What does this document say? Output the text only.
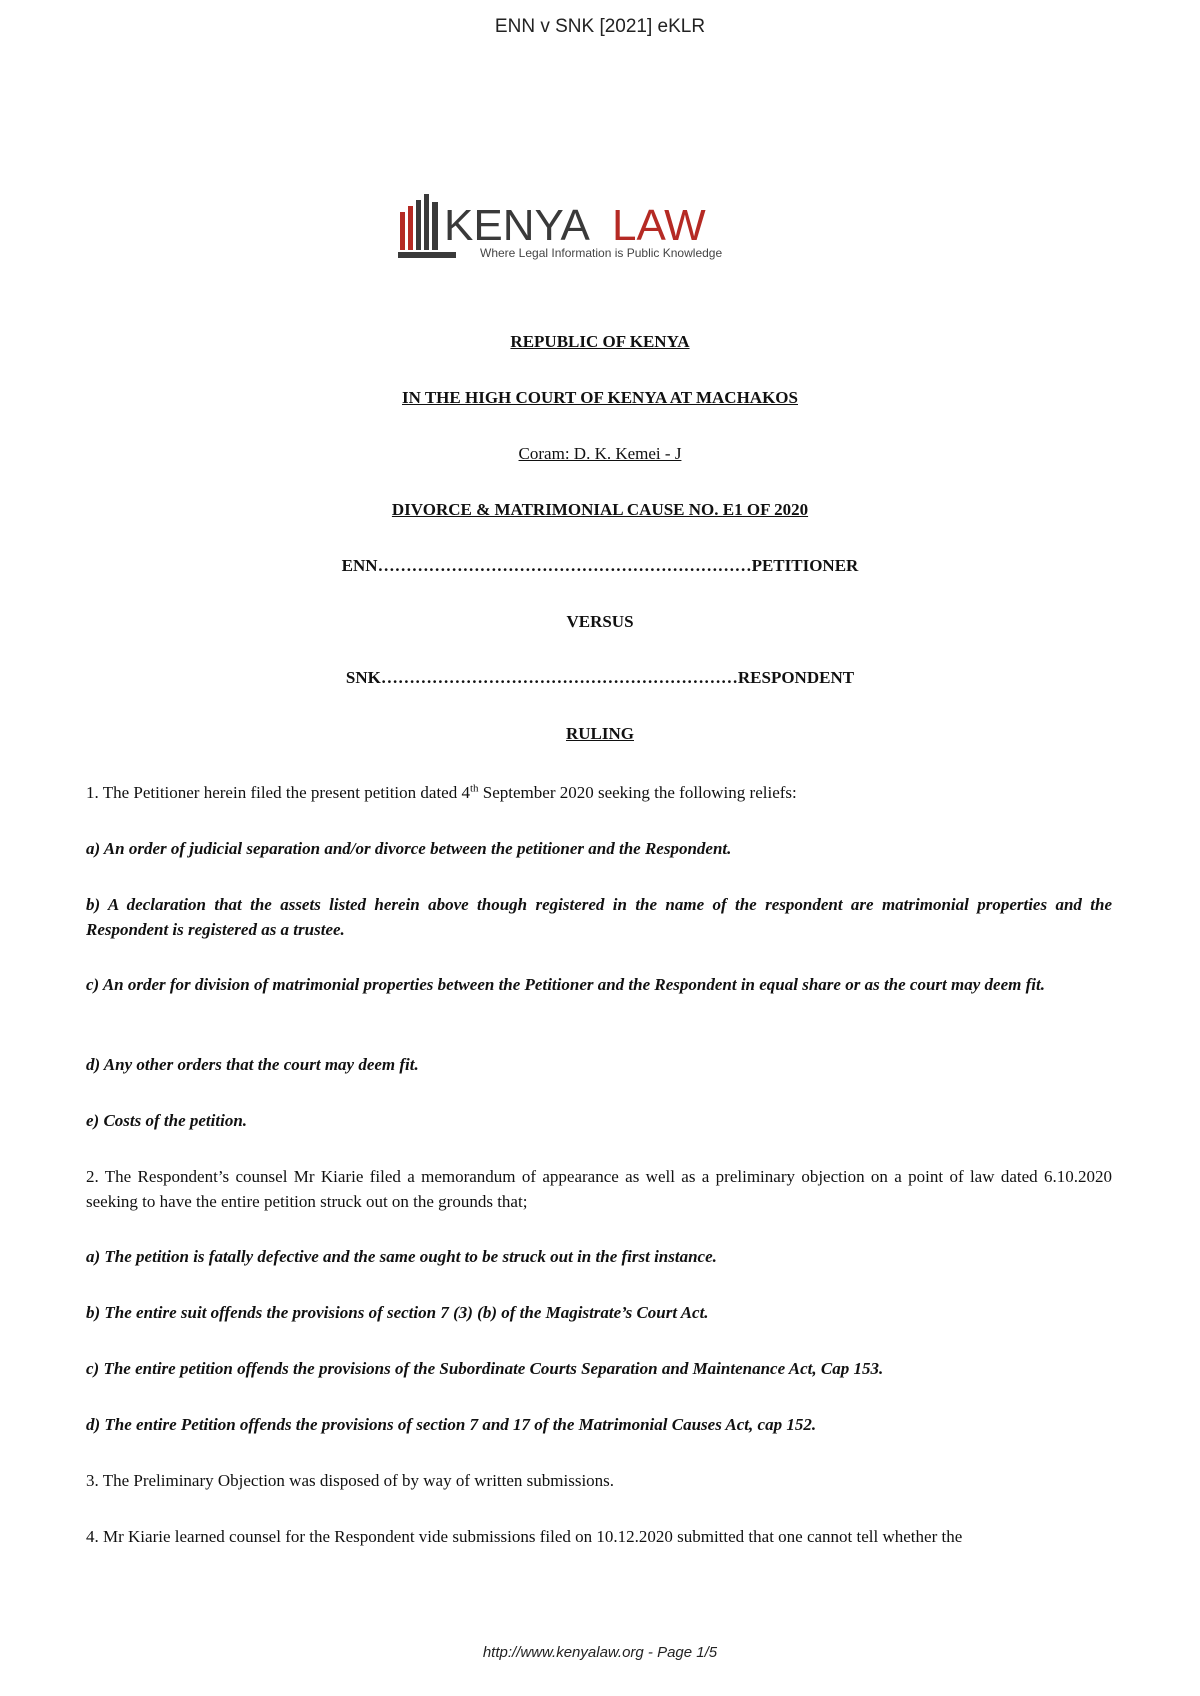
ENN v SNK [2021] eKLR
KENYA LAW
Where Legal Information is Public Knowledge
REPUBLIC OF KENYA
IN THE HIGH COURT OF KENYA AT MACHAKOS
Coram: D. K. Kemei - J
DIVORCE & MATRIMONIAL CAUSE NO. E1 OF 2020
ENN…………………………………………………………PETITIONER
VERSUS
SNK………………………………………………………RESPONDENT
RULING
1. The Petitioner herein filed the present petition dated 4th September 2020 seeking the following reliefs:
a) An order of judicial separation and/or divorce between the petitioner and the Respondent.
b) A declaration that the assets listed herein above though registered in the name of the respondent are matrimonial properties and the Respondent is registered as a trustee.
c) An order for division of matrimonial properties between the Petitioner and the Respondent in equal share or as the court may deem fit.
d) Any other orders that the court may deem fit.
e) Costs of the petition.
2. The Respondent’s counsel Mr Kiarie filed a memorandum of appearance as well as a preliminary objection on a point of law dated 6.10.2020 seeking to have the entire petition struck out on the grounds that;
a) The petition is fatally defective and the same ought to be struck out in the first instance.
b) The entire suit offends the provisions of section 7 (3) (b) of the Magistrate’s Court Act.
c) The entire petition offends the provisions of the Subordinate Courts Separation and Maintenance Act, Cap 153.
d) The entire Petition offends the provisions of section 7 and 17 of the Matrimonial Causes Act, cap 152.
3. The Preliminary Objection was disposed of by way of written submissions.
4. Mr Kiarie learned counsel for the Respondent vide submissions filed on 10.12.2020 submitted that one cannot tell whether the
http://www.kenyalaw.org - Page 1/5
